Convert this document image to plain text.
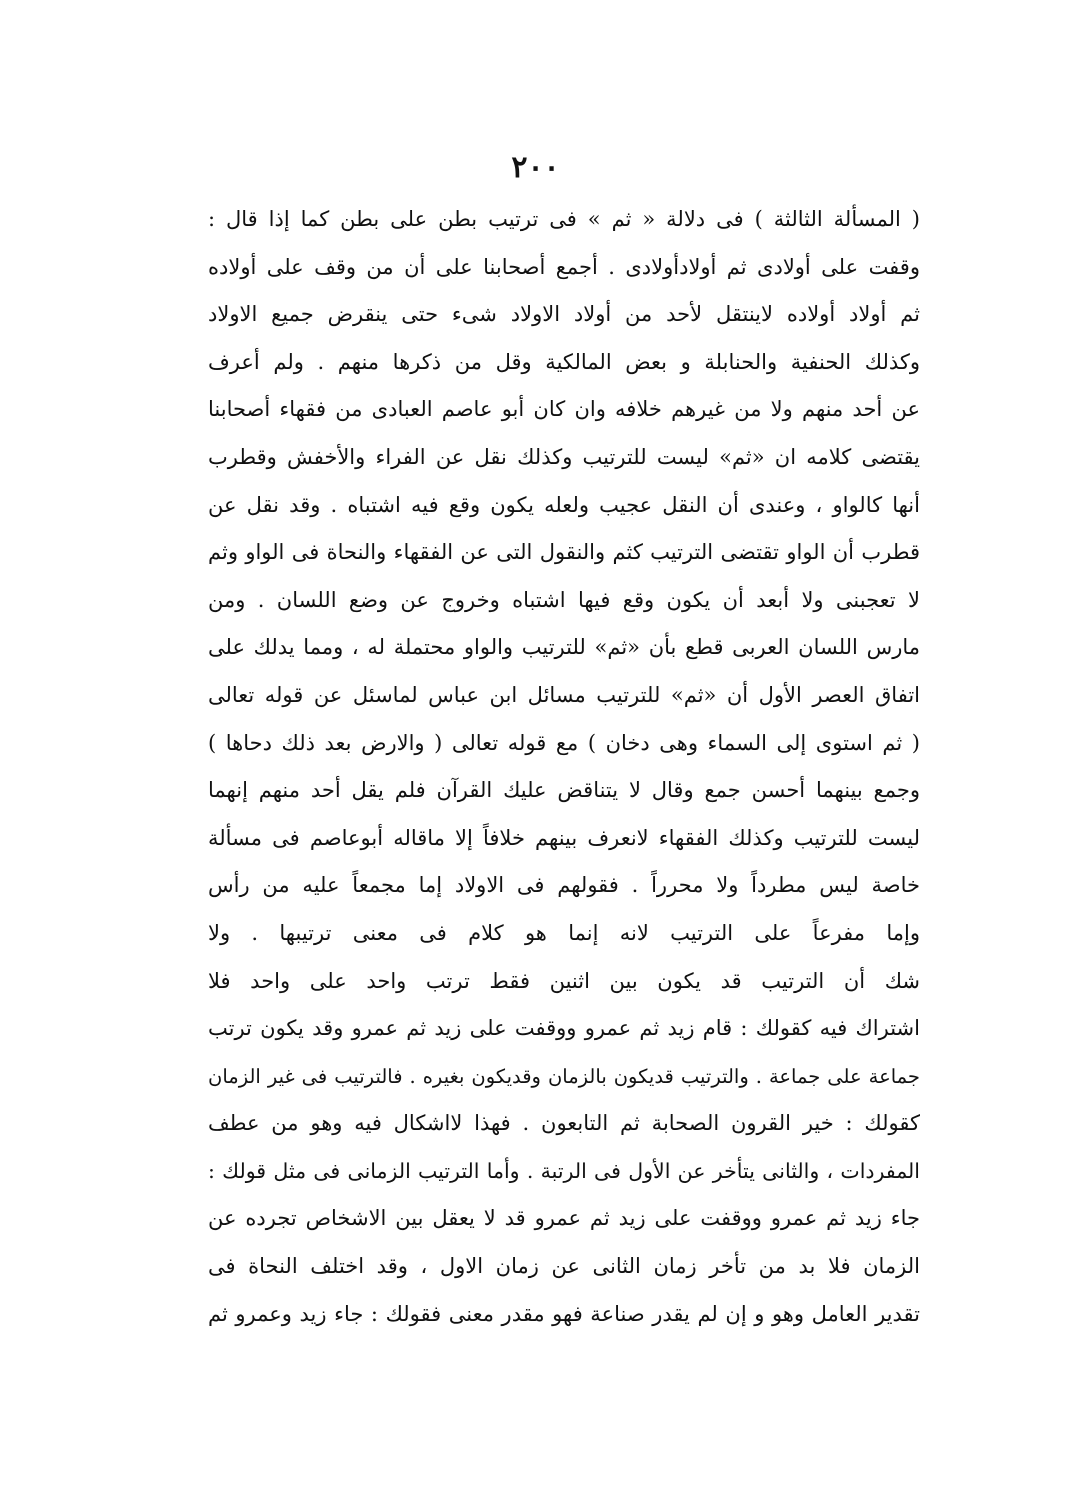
٢٠٠
( المسألة الثالثة ) فى دلالة « ثم » فى ترتيب بطن على بطن كما إذا قال :
وقفت على أولادى ثم أولادأولادى . أجمع أصحابنا على أن من وقف على أولاده
ثم أولاد أولاده لاينتقل لأحد من أولاد الاولاد شىء حتى ينقرض جميع الاولاد
وكذلك الحنفية والحنابلة و بعض المالكية وقل من ذكرها منهم . ولم أعرف
عن أحد منهم ولا من غيرهم خلافه وان كان أبو عاصم العبادى من فقهاء أصحابنا
يقتضى كلامه ان «ثم» ليست للترتيب وكذلك نقل عن الفراء والأخفش وقطرب
أنها كالواو ، وعندى أن النقل عجيب ولعله يكون وقع فيه اشتباه . وقد نقل عن
قطرب أن الواو تقتضى الترتيب كثم والنقول التى عن الفقهاء والنحاة فى الواو وثم
لا تعجبنى ولا أبعد أن يكون وقع فيها اشتباه وخروج عن وضع اللسان . ومن
مارس اللسان العربى قطع بأن «ثم» للترتيب والواو محتملة له ، ومما يدلك على
اتفاق العصر الأول أن «ثم» للترتيب مسائل ابن عباس لماسئل عن قوله تعالى
( ثم استوى إلى السماء وهى دخان ) مع قوله تعالى ( والارض بعد ذلك دحاها )
وجمع بينهما أحسن جمع وقال لا يتناقض عليك القرآن فلم يقل أحد منهم إنهما
ليست للترتيب وكذلك الفقهاء لانعرف بينهم خلافاً إلا ماقاله أبوعاصم فى مسألة
خاصة ليس مطرداً ولا محرراً . فقولهم فى الاولاد إما مجمعاً عليه من رأس
وإما مفرعاً على الترتيب لانه إنما هو كلام فى معنى ترتيبها . ولا
شك أن الترتيب قد يكون بين اثنين فقط ترتب واحد على واحد فلا
اشتراك فيه كقولك : قام زيد ثم عمرو ووقفت على زيد ثم عمرو وقد يكون ترتب
جماعة على جماعة . والترتيب قديكون بالزمان وقديكون بغيره . فالترتيب فى غير الزمان
كقولك : خير القرون الصحابة ثم التابعون . فهذا لااشكال فيه وهو من عطف
المفردات ، والثانى يتأخر عن الأول فى الرتبة . وأما الترتيب الزمانى فى مثل قولك :
جاء زيد ثم عمرو ووقفت على زيد ثم عمرو قد لا يعقل بين الاشخاص تجرده عن
الزمان فلا بد من تأخر زمان الثانى عن زمان الاول ، وقد اختلف النحاة فى
تقدير العامل وهو و إن لم يقدر صناعة فهو مقدر معنى فقولك : جاء زيد وعمرو ثم
